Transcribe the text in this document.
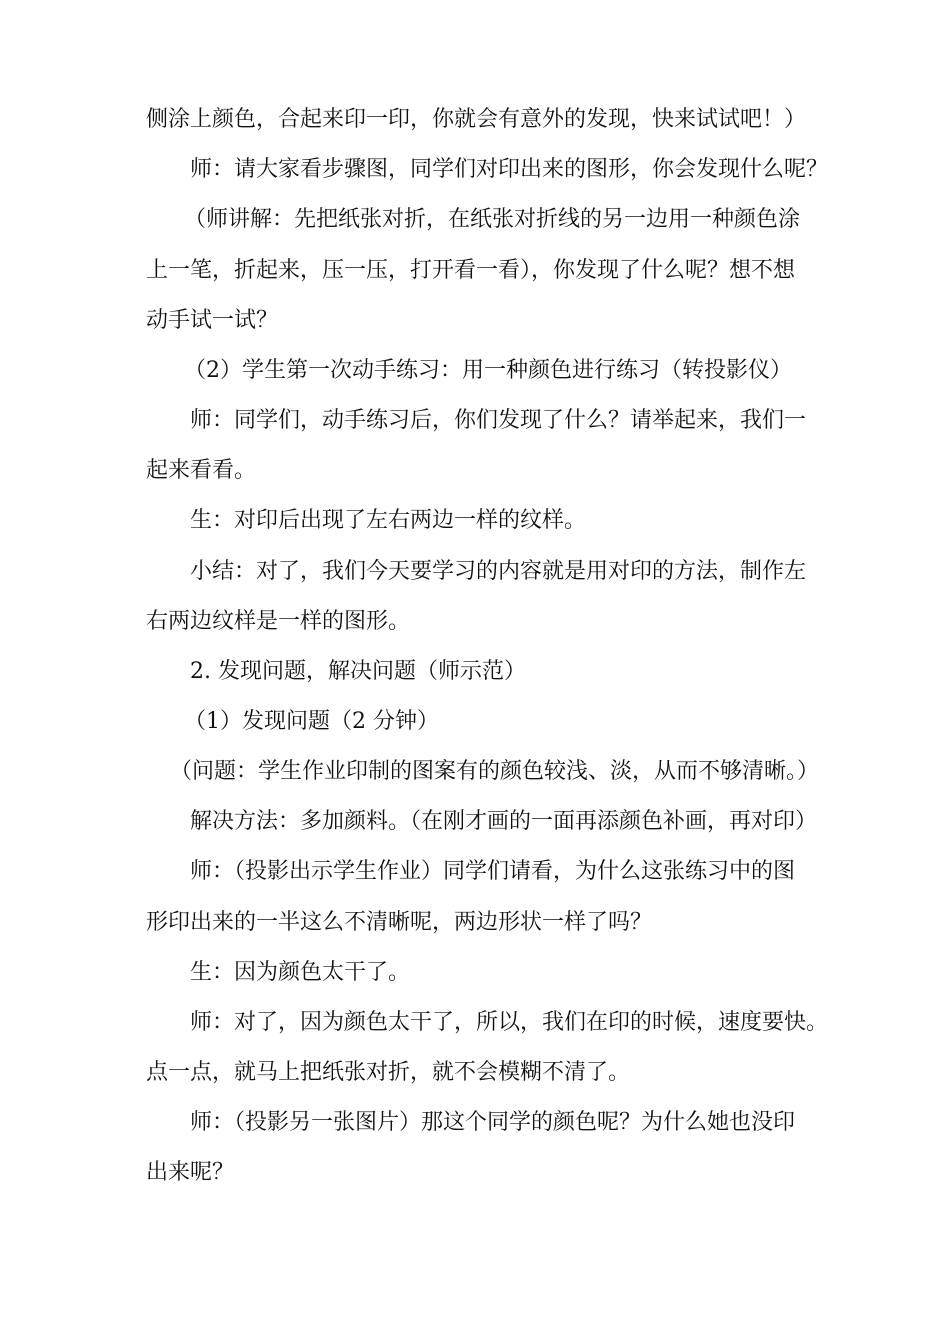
侧涂上颜色，合起来印一印，你就会有意外的发现，快来试试吧！）
师：请大家看步骤图，同学们对印出来的图形，你会发现什么呢？
（师讲解：先把纸张对折，在纸张对折线的另一边用一种颜色涂
上一笔，折起来，压一压，打开看一看），你发现了什么呢？想不想
动手试一试？
（2）学生第一次动手练习：用一种颜色进行练习（转投影仪）
师：同学们，动手练习后，你们发现了什么？请举起来，我们一
起来看看。
生：对印后出现了左右两边一样的纹样。
小结：对了，我们今天要学习的内容就是用对印的方法，制作左
右两边纹样是一样的图形。
2. 发现问题，解决问题（师示范）
（1）发现问题（2 分钟）
（问题：学生作业印制的图案有的颜色较浅、淡，从而不够清晰。）
解决方法：多加颜料。（在刚才画的一面再添颜色补画，再对印）
师：（投影出示学生作业）同学们请看，为什么这张练习中的图
形印出来的一半这么不清晰呢，两边形状一样了吗？
生：因为颜色太干了。
师：对了，因为颜色太干了，所以，我们在印的时候，速度要快。
点一点，就马上把纸张对折，就不会模糊不清了。
师：（投影另一张图片）那这个同学的颜色呢？为什么她也没印
出来呢？
